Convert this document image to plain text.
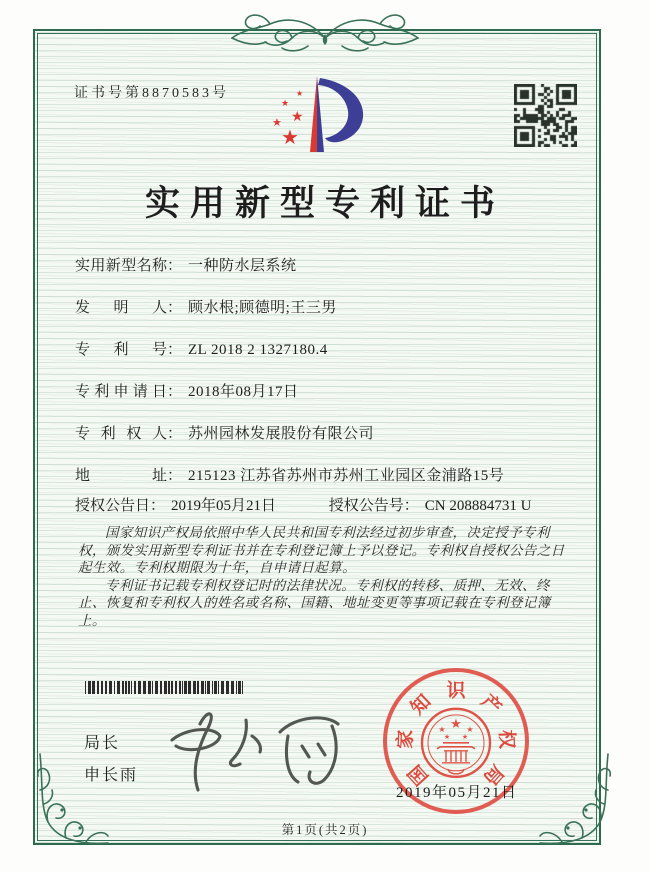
证书号第8870583号
★
★ ★
★
★
实用新型专利证书
实用新型名称： 一种防水层系统
发明人： 顾水根;顾德明;王三男
专利号： ZL 2018 2 1327180.4
专利申请日： 2018年08月17日
专利权人： 苏州园林发展股份有限公司
地址： 215123 江苏省苏州市苏州工业园区金浦路15号
授权公告日： 2019年05月21日	授权公告号： CN 208884731 U

国家知识产权局依照中华人民共和国专利法经过初步审查，决定授予专利权，颁发实用新型专利证书并在专利登记簿上予以登记。专利权自授权公告之日起生效。专利权期限为十年，自申请日起算。

专利证书记载专利权登记时的法律状况。专利权的转移、质押、无效、终止、恢复和专利权人的姓名或名称、国籍、地址变更等事项记载在专利登记簿上。

局长
申长雨
★
★	★
★ ★
国
家
知 识 产
权
局
2019年05月21日
第1页(共2页)
